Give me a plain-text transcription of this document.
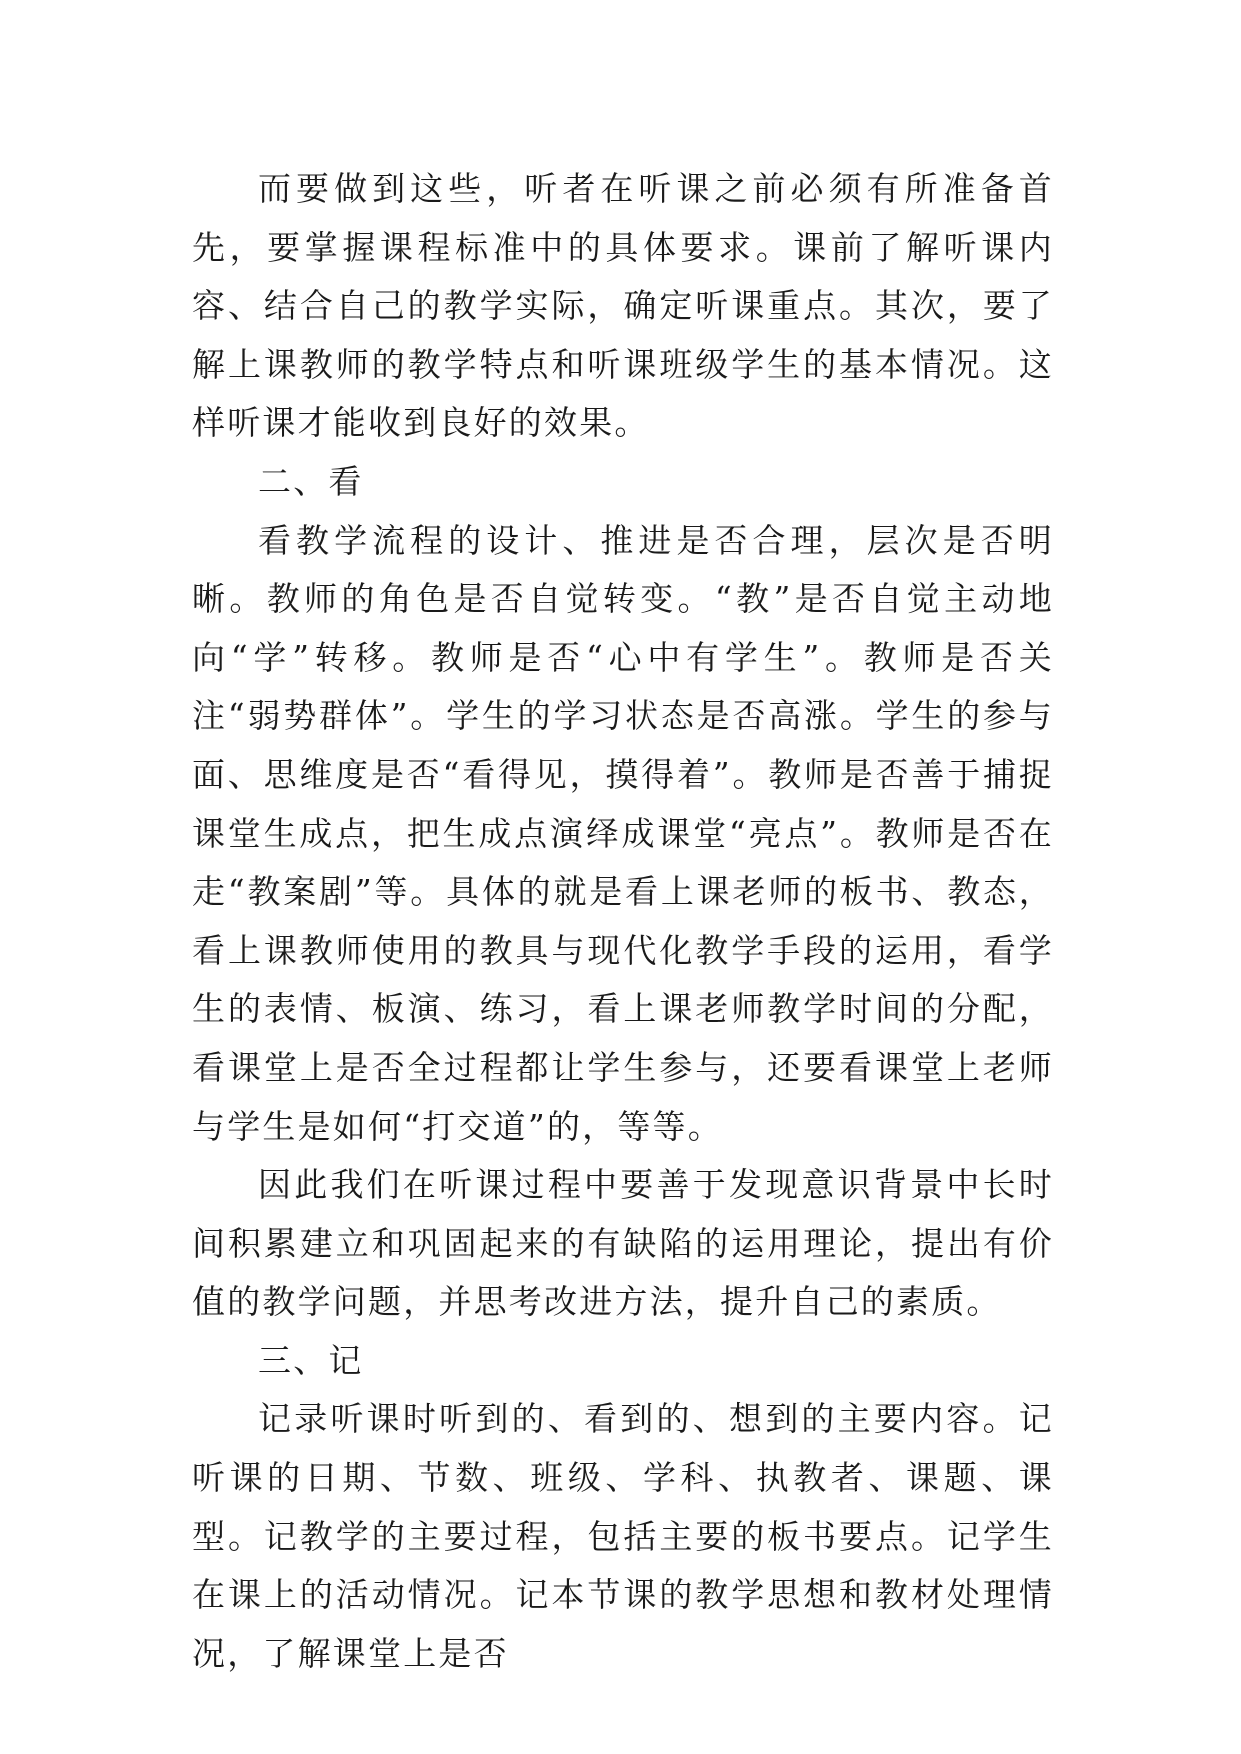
而要做到这些，听者在听课之前必须有所准备首先，要掌握课程标准中的具体要求。课前了解听课内容、结合自己的教学实际，确定听课重点。其次，要了解上课教师的教学特点和听课班级学生的基本情况。这样听课才能收到良好的效果。

二、看

看教学流程的设计、推进是否合理，层次是否明晰。教师的角色是否自觉转变。“教”是否自觉主动地向“学”转移。教师是否“心中有学生”。教师是否关注“弱势群体”。学生的学习状态是否高涨。学生的参与面、思维度是否“看得见，摸得着”。教师是否善于捕捉课堂生成点，把生成点演绎成课堂“亮点”。教师是否在走“教案剧”等。具体的就是看上课老师的板书、教态，看上课教师使用的教具与现代化教学手段的运用，看学生的表情、板演、练习，看上课老师教学时间的分配，看课堂上是否全过程都让学生参与，还要看课堂上老师与学生是如何“打交道”的，等等。

因此我们在听课过程中要善于发现意识背景中长时间积累建立和巩固起来的有缺陷的运用理论，提出有价值的教学问题，并思考改进方法，提升自己的素质。

三、记

记录听课时听到的、看到的、想到的主要内容。记听课的日期、节数、班级、学科、执教者、课题、课型。记教学的主要过程，包括主要的板书要点。记学生在课上的活动情况。记本节课的教学思想和教材处理情况，了解课堂上是否
